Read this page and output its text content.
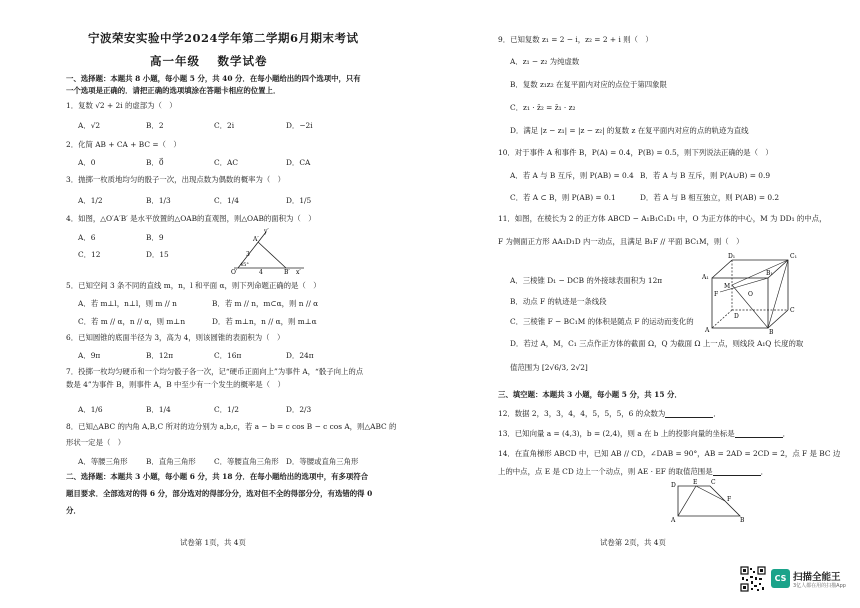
宁波荣安实验中学2024学年第二学期6月期末考试
高一年级　 数学试卷
一、选择题：本题共 8 小题，每小题 5 分，共 40 分．在每小题给出的四个选项中，只有
一个选项是正确的．请把正确的选项填涂在答题卡相应的位置上．
1．复数 √2 + 2i 的虚部为（　）
A．√2	B．2	C．2i	D．−2i
2．化简 AB + CA + BC =（　）
A．0	B．0⃗	C．AC	D．CA
3．抛掷一枚质地均匀的骰子一次，出现点数为偶数的概率为（　）
A．1/2	B．1/3	C．1/4	D．1/5
4．如图，△O′A′B′ 是水平放置的△OAB的直观图，则△OAB的面积为（　）
A．6	B．9
C．12	D．15
y′
A′
3
45°
O′	4	B′ x′
5．已知空间 3 条不同的直线 m，n，l 和平面 α，则下列命题正确的是（　）
A．若 m⊥l，n⊥l，则 m // n	B．若 m // n，m⊂α，则 n // α
C．若 m // α，n // α，则 m⊥n	D．若 m⊥n，n // α，则 m⊥α
6．已知圆锥的底面半径为 3，高为 4，则该圆锥的表面积为（　）
A．9π	B．12π	C．16π	D．24π
7．投掷一枚均匀硬币和一个均匀骰子各一次，记“硬币正面向上”为事件 A，“骰子向上的点
数是 4”为事件 B，则事件 A，B 中至少有一个发生的概率是（　）
A．1/6	B．1/4	C．1/2	D．2/3
8．已知△ABC 的内角 A,B,C 所对的边分别为 a,b,c，若 a − b = c cos B − c cos A，则△ABC 的
形状一定是（　）
A．等腰三角形 B．直角三角形 C．等腰直角三角形 D．等腰或直角三角形
二、选择题：本题共 3 小题，每小题 6 分，共 18 分．在每小题给出的选项中，有多项符合
题目要求．全部选对的得 6 分，部分选对的得部分分，选对但不全的得部分分，有选错的得 0
分．
试卷第 1页，共 4页
9．已知复数 z₁ = 2 − i，z₂ = 2 + i 则（　）
A．z₁ − z₂ 为纯虚数
B．复数 z₁z₂ 在复平面内对应的点位于第四象限
C．z₁ · z̄₂ = z̄₁ · z₂
D．满足 |z − z₁| = |z − z₂| 的复数 z 在复平面内对应的点的轨迹为直线
10．对于事件 A 和事件 B，P(A) = 0.4，P(B) = 0.5，则下列说法正确的是（　）
A．若 A 与 B 互斥，则 P(AB) = 0.4 B．若 A 与 B 互斥，则 P(A∪B) = 0.9
C．若 A ⊂ B，则 P(AB) = 0.1	D．若 A 与 B 相互独立，则 P(AB) = 0.2
11．如图，在棱长为 2 的正方体 ABCD − A₁B₁C₁D₁ 中，O 为正方体的中心，M 为 DD₁ 的中点，
F 为侧面正方形 AA₁D₁D 内一动点，且满足 B₁F // 平面 BC₁M，则（　）
A．三棱锥 D₁ − DCB 的外接球表面积为 12π
B．动点 F 的轨迹是一条线段
C．三棱锥 F − BC₁M 的体积是随点 F 的运动而变化的
D．若过 A，M，C₁ 三点作正方体的截面 Ω，Q 为截面 Ω 上一点，则线段 A₁Q 长度的取
值范围为 [2√6/3, 2√2]
D₁	C₁
A₁
B₁
M
O
F
D
C
A	B
三、填空题：本题共 3 小题，每小题 5 分，共 15 分．
12．数据 2，3，3，4，4，5，5，5，6 的众数为	．
13．已知向量 a = (4,3)，b = (2,4)，则 a 在 b 上的投影向量的坐标是	．
14．在直角梯形 ABCD 中，已知 AB // CD，∠DAB = 90°，AB = 2AD = 2CD = 2，点 F 是 BC 边
上的中点，点 E 是 CD 边上一个动点，则 AE · EF 的取值范围是	．
D	E C
F
A	B
试卷第 2页，共 4页
CS 扫描全能王
3亿人都在用的扫描App
